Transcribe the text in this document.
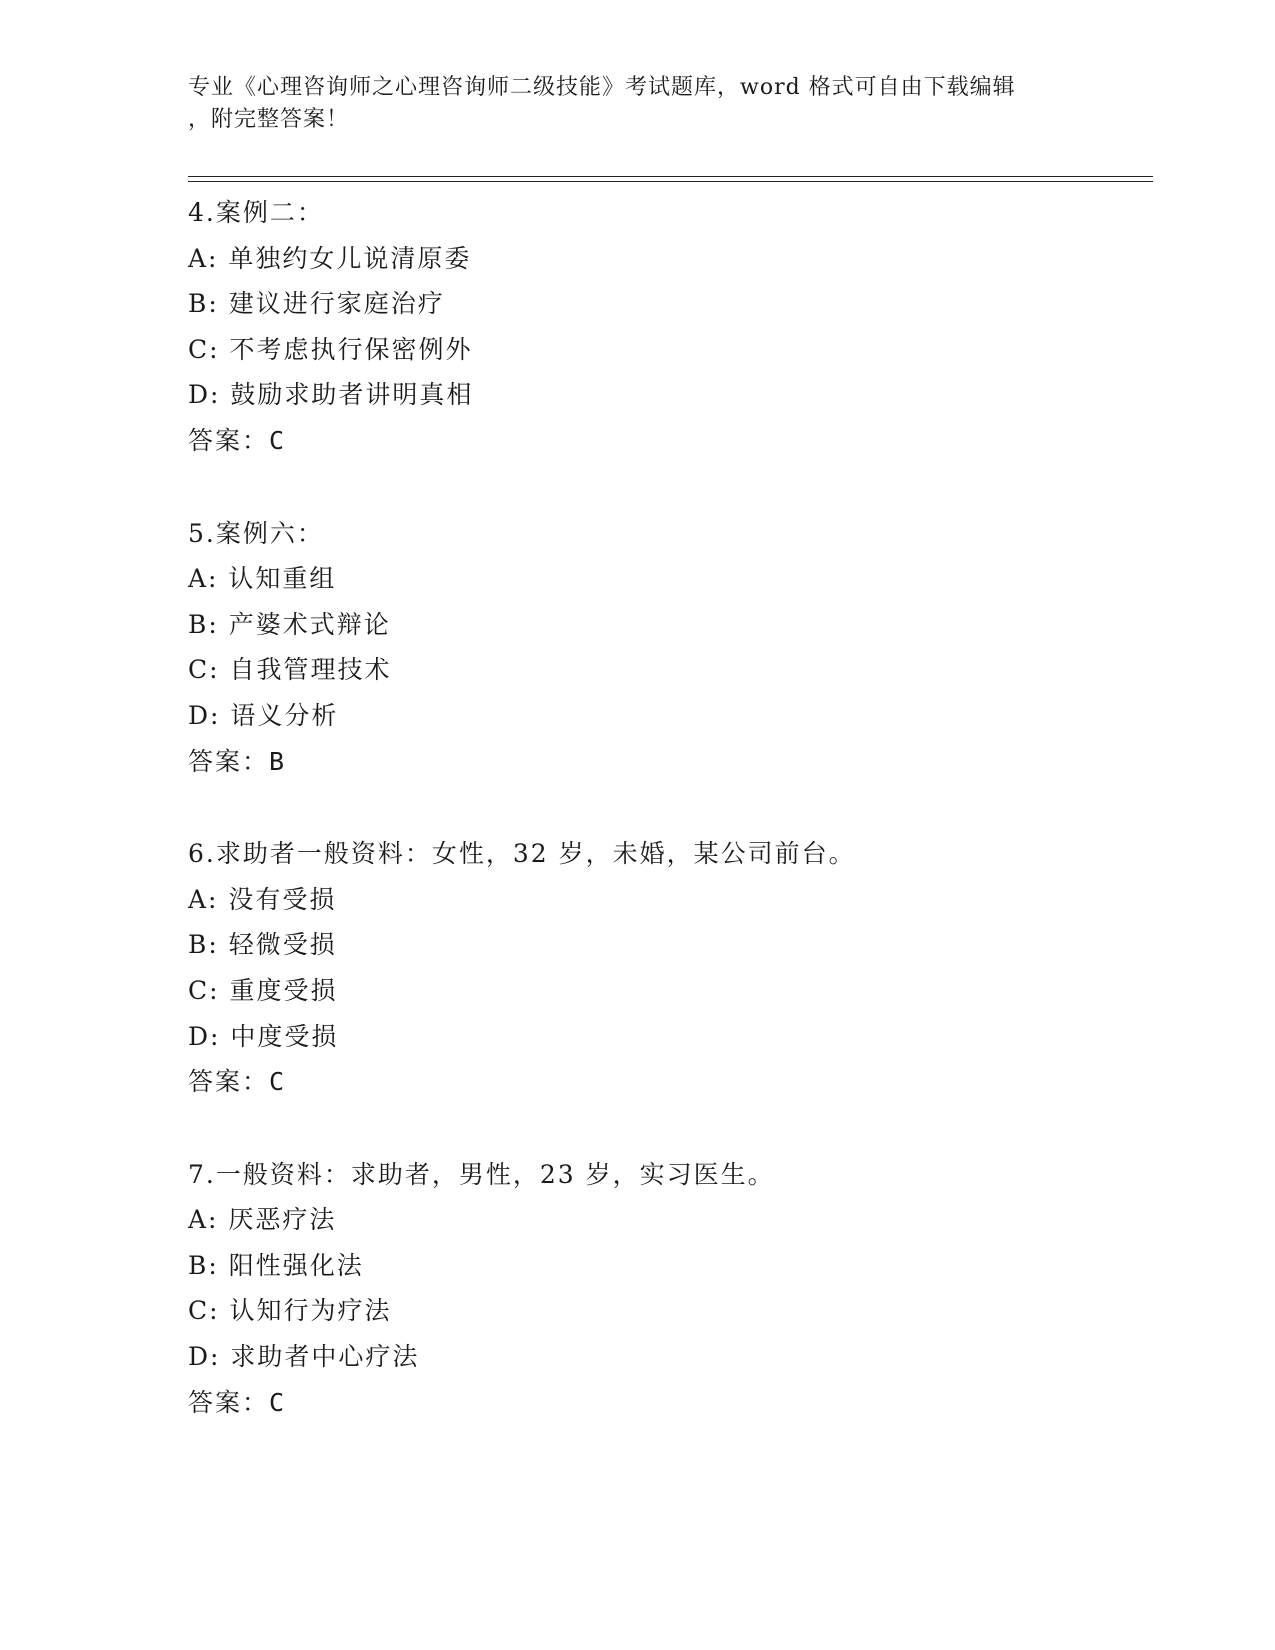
专业《心理咨询师之心理咨询师二级技能》考试题库，word 格式可自由下载编辑
，附完整答案！
4.案例二：
A: 单独约女儿说清原委
B: 建议进行家庭治疗
C: 不考虑执行保密例外
D: 鼓励求助者讲明真相
答案：C
5.案例六：
A: 认知重组
B: 产婆术式辩论
C: 自我管理技术
D: 语义分析
答案：B
6.求助者一般资料：女性，32 岁，未婚，某公司前台。
A: 没有受损
B: 轻微受损
C: 重度受损
D: 中度受损
答案：C
7.一般资料：求助者，男性，23 岁，实习医生。
A: 厌恶疗法
B: 阳性强化法
C: 认知行为疗法
D: 求助者中心疗法
答案：C
